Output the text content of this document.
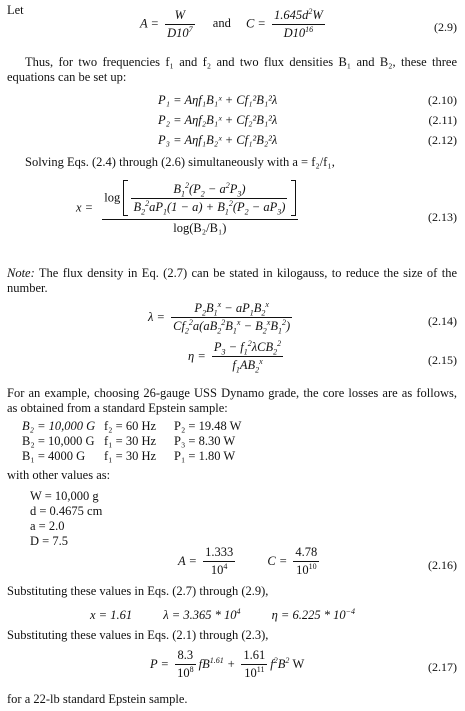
Let
$A = \frac{W}{D10^7}$ and $C = \frac{1.645d^2W}{D10^{16}}$	(2.9)
Thus, for two frequencies f₁ and f₂ and two flux densities B₁ and B₂, these three equations can be set up:
P₁ = Aηf₁B₁ˣ + Cf₁²B₁²λ	(2.10)
P₂ = Aηf₂B₁ˣ + Cf₂²B₁²λ	(2.11)
P₃ = Aηf₁B₂ˣ + Cf₁²B₂²λ	(2.12)
Solving Eqs. (2.4) through (2.6) simultaneously with a = f₂/f₁,
x =
$\log \frac{B_1^2(P_2 - a^2P_3)}{B_2^2aP_1(1 - a) + B_1^2(P_2 - aP_3)}$

log(B₂/B₁)
(2.13)
Note: The flux density in Eq. (2.7) can be stated in kilogauss, to reduce the size of the number.
$\lambda = \frac{P_2B_1^x - aP_1B_2^x}{Cf_2^2a(aB_2^2B_1^x - B_2^xB_1^2)}$	(2.14)
$\eta = \frac{P_3 - f_1^2\lambda CB_2^2}{f_1AB_2^x}$	(2.15)
For an example, choosing 26-gauge USS Dynamo grade, the core losses are as follows, as obtained from a standard Epstein sample:
B₂ = 10,000 G f₂ = 60 Hz P₂ = 19.48 W
B₂ = 10,000 G f₁ = 30 Hz P₃ = 8.30 W
B₁ = 4000 G f₁ = 30 Hz P₁ = 1.80 W
with other values as:
W = 10,000 g
d = 0.4675 cm
a = 2.0
D = 7.5
$A = \frac{1.333}{10^4}$	$C = \frac{4.78}{10^{10}}$	(2.16)
Substituting these values in Eqs. (2.7) through (2.9),
x = 1.61 $\lambda = 3.365 * 10^4$ $\eta = 6.225 * 10^{-4}$
Substituting these values in Eqs. (2.1) through (2.3),
$P = \frac{8.3}{10^8} fB^{1.61} + \frac{1.61}{10^{11}} f^2B^2$ W	(2.17)
for a 22-lb standard Epstein sample.
